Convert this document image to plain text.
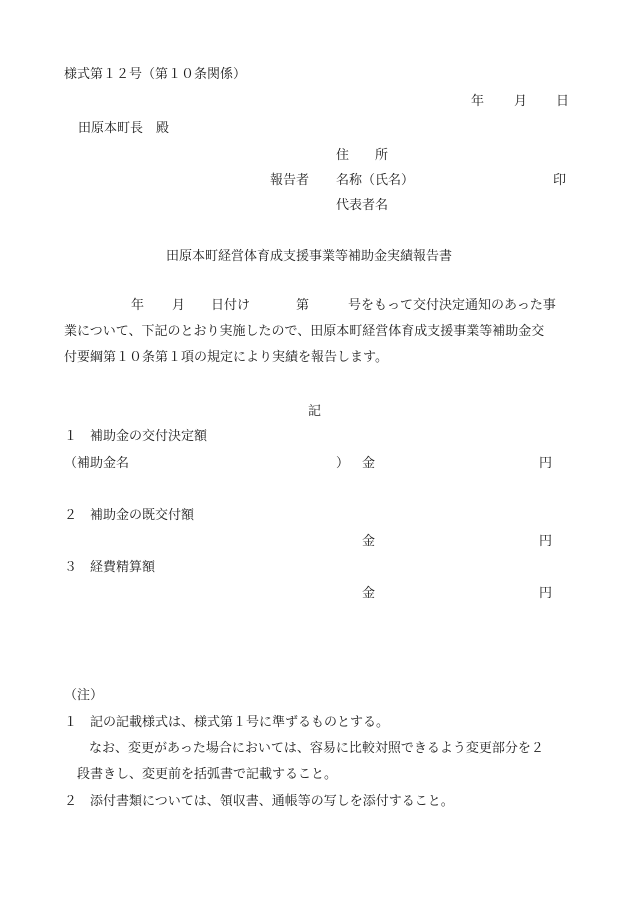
様式第１２号（第１０条関係）
年 月 日
田原本町長　殿
住　　所
報告者 名称（氏名）	印
代表者名
田原本町経営体育成支援事業等補助金実績報告書
年 月 日付け	第	号をもって交付決定通知のあった事
業について、下記のとおり実施したので、田原本町経営体育成支援事業等補助金交
付要綱第１０条第１項の規定により実績を報告します。
記
１　補助金の交付決定額
（補助金名	） 金	円
２　補助金の既交付額
金	円
３　経費精算額
金	円
（注）
１　記の記載様式は、様式第１号に準ずるものとする。
なお、変更があった場合においては、容易に比較対照できるよう変更部分を２
段書きし、変更前を括弧書で記載すること。
２　添付書類については、領収書、通帳等の写しを添付すること。
